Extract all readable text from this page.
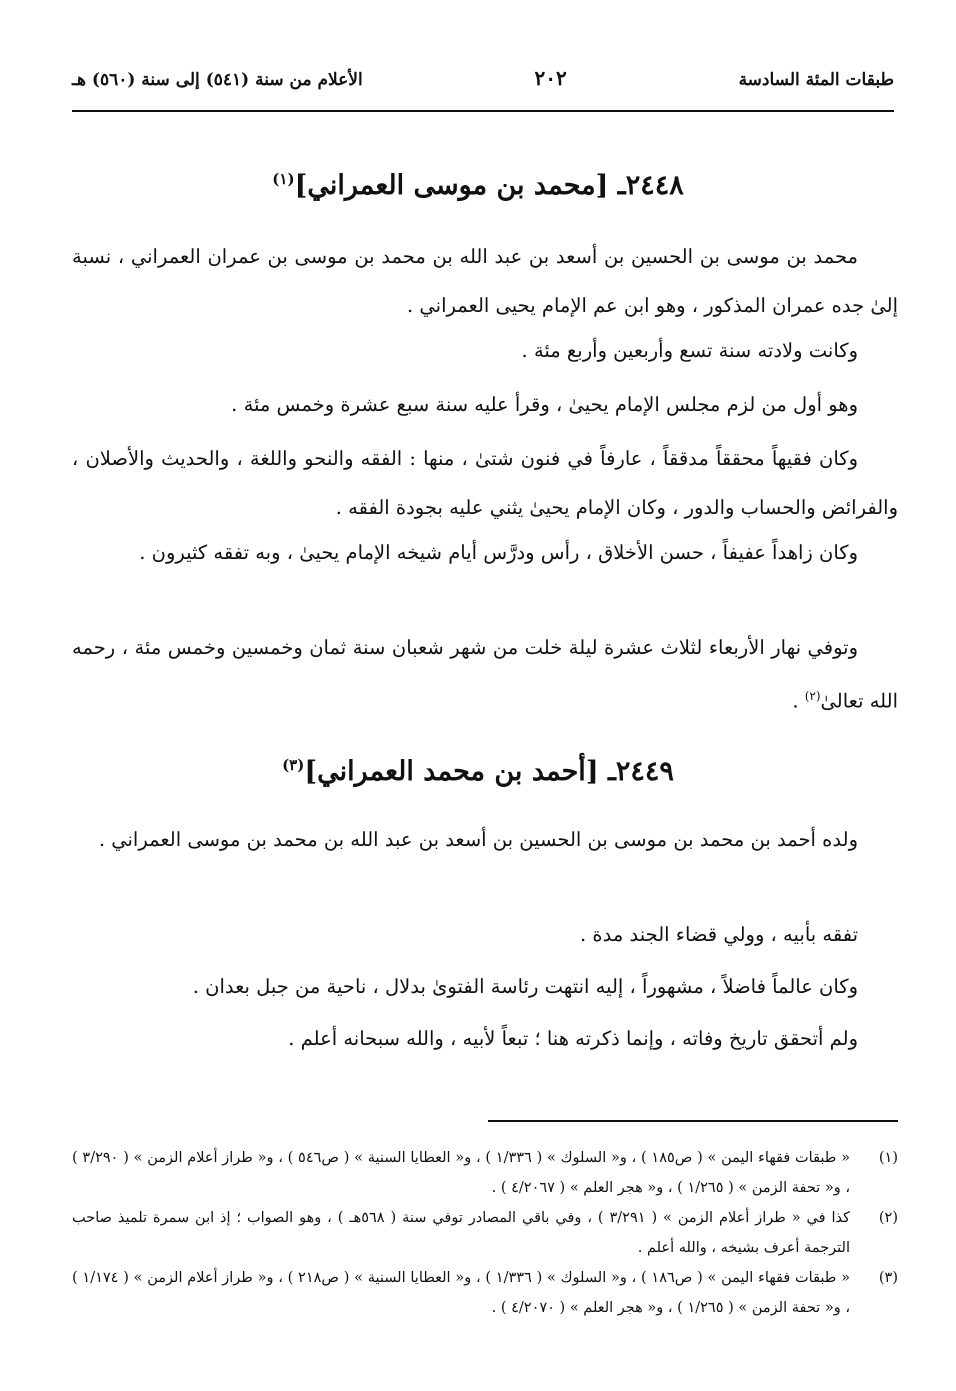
طبقات المئة السادسة
٢٠٢
الأعلام من سنة (٥٤١) إلى سنة (٥٦٠) هـ
٢٤٤٨ـ [محمد بن موسى العمراني]$^{(١)}$

محمد بن موسى بن الحسين بن أسعد بن عبد الله بن محمد بن موسى بن عمران العمراني ، نسبة إلىٰ جده عمران المذكور ، وهو ابن عم الإمام يحيى العمراني .

وكانت ولادته سنة تسع وأربعين وأربع مئة .

وهو أول من لزم مجلس الإمام يحيىٰ ، وقرأ عليه سنة سبع عشرة وخمس مئة .

وكان فقيهاً محققاً مدققاً ، عارفاً في فنون شتىٰ ، منها : الفقه والنحو واللغة ، والحديث والأصلان ، والفرائض والحساب والدور ، وكان الإمام يحيىٰ يثني عليه بجودة الفقه .

وكان زاهداً عفيفاً ، حسن الأخلاق ، رأس ودرَّس أيام شيخه الإمام يحيىٰ ، وبه تفقه كثيرون .

وتوفي نهار الأربعاء لثلاث عشرة ليلة خلت من شهر شعبان سنة ثمان وخمسين وخمس مئة ، رحمه الله تعالىٰ$^{(٢)}$ .

٢٤٤٩ـ [أحمد بن محمد العمراني]$^{(٣)}$

ولده أحمد بن محمد بن موسى بن الحسين بن أسعد بن عبد الله بن محمد بن موسى العمراني .

تفقه بأبيه ، وولي قضاء الجند مدة .

وكان عالماً فاضلاً ، مشهوراً ، إليه انتهت رئاسة الفتوىٰ بدلال ، ناحية من جبل بعدان .

ولم أتحقق تاريخ وفاته ، وإنما ذكرته هنا ؛ تبعاً لأبيه ، والله سبحانه أعلم .

(١)
« طبقات فقهاء اليمن » ( ص١٨٥ ) ، و« السلوك » ( ١/٣٣٦ ) ، و« العطايا السنية » ( ص٥٤٦ ) ، و« طراز أعلام الزمن » ( ٣/٢٩٠ ) ، و« تحفة الزمن » ( ١/٢٦٥ ) ، و« هجر العلم » ( ٤/٢٠٦٧ ) .
(٢)
كذا في « طراز أعلام الزمن » ( ٣/٢٩١ ) ، وفي باقي المصادر توفي سنة ( ٥٦٨هـ ) ، وهو الصواب ؛ إذ ابن سمرة تلميذ صاحب الترجمة أعرف بشيخه ، والله أعلم .
(٣)
« طبقات فقهاء اليمن » ( ص١٨٦ ) ، و« السلوك » ( ١/٣٣٦ ) ، و« العطايا السنية » ( ص٢١٨ ) ، و« طراز أعلام الزمن » ( ١/١٧٤ ) ، و« تحفة الزمن » ( ١/٢٦٥ ) ، و« هجر العلم » ( ٤/٢٠٧٠ ) .
